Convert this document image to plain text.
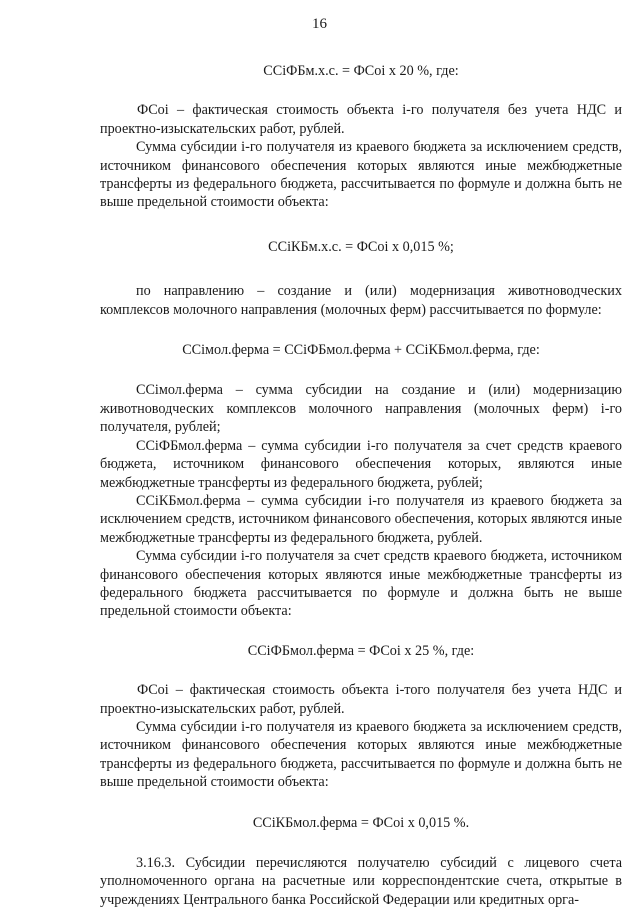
16

ССiФБм.х.с. = ФСоi х 20 %, где:

ФСоi – фактическая стоимость объекта i-го получателя без учета НДС и проектно-изыскательских работ, рублей.

Сумма субсидии i-го получателя из краевого бюджета за исключением средств, источником финансового обеспечения которых являются иные межбюджетные трансферты из федерального бюджета, рассчитывается по формуле и должна быть не выше предельной стоимости объекта:

ССiКБм.х.с. = ФСоi х 0,015 %;

по направлению – создание и (или) модернизация животноводческих комплексов молочного направления (молочных ферм) рассчитывается по формуле:

ССiмол.ферма = ССiФБмол.ферма + ССiКБмол.ферма, где:

ССiмол.ферма – сумма субсидии на создание и (или) модернизацию животноводческих комплексов молочного направления (молочных ферм) i-го получателя, рублей;

ССiФБмол.ферма – сумма субсидии i-го получателя за счет средств краевого бюджета, источником финансового обеспечения которых, являются иные межбюджетные трансферты из федерального бюджета, рублей;

ССiКБмол.ферма – сумма субсидии i-го получателя из краевого бюджета за исключением средств, источником финансового обеспечения, которых являются иные межбюджетные трансферты из федерального бюджета, рублей.

Сумма субсидии i-го получателя за счет средств краевого бюджета, источником финансового обеспечения которых являются иные межбюджетные трансферты из федерального бюджета рассчитывается по формуле и должна быть не выше предельной стоимости объекта:

ССiФБмол.ферма = ФСоi х 25 %, где:

ФСоi – фактическая стоимость объекта i-того получателя без учета НДС и проектно-изыскательских работ, рублей.

Сумма субсидии i-го получателя из краевого бюджета за исключением средств, источником финансового обеспечения которых являются иные межбюджетные трансферты из федерального бюджета, рассчитывается по формуле и должна быть не выше предельной стоимости объекта:

ССiКБмол.ферма = ФСоi х 0,015 %.

3.16.3. Субсидии перечисляются получателю субсидий с лицевого счета уполномоченного органа на расчетные или корреспондентские счета, открытые в учреждениях Центрального банка Российской Федерации или кредитных орга-
